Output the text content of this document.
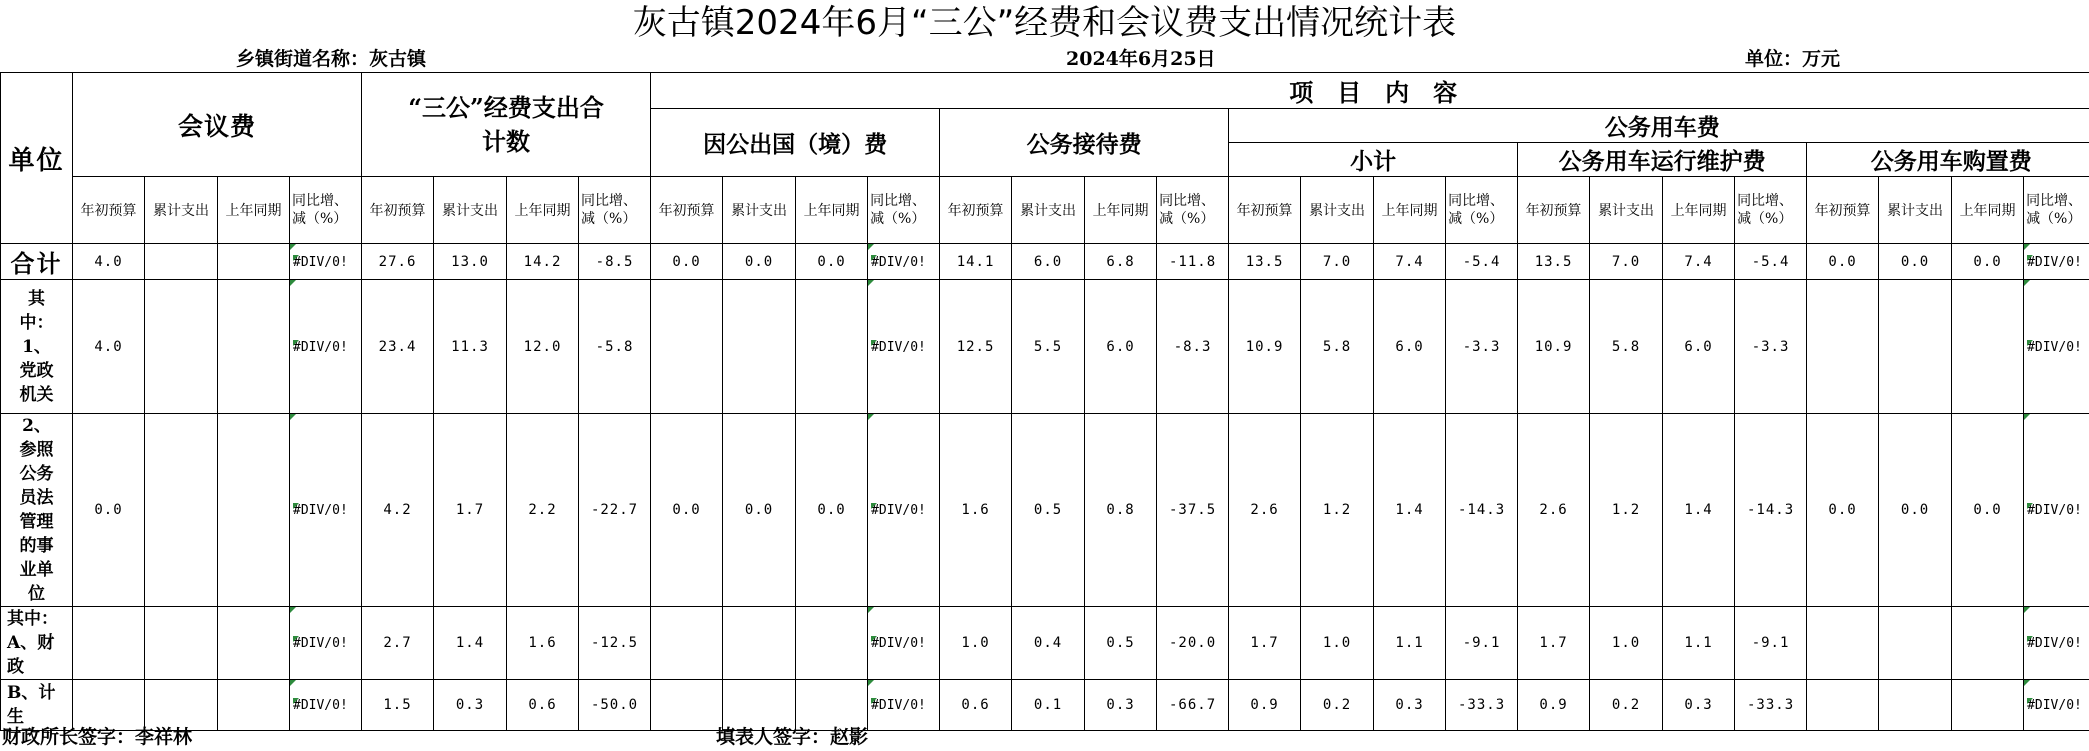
灰古镇2024年6月“三公”经费和会议费支出情况统计表
乡镇街道名称：灰古镇	2024年6月25日	单位：万元
单位	会议费				“三公”经费支出合计数				项　目　内　容																			
									因公出国（境）费				公务接待费				公务用车费											
																	小计				公务用车运行维护费				公务用车购置费			
	年初预算	累计支出	上年同期	同比增、减（%）	年初预算	累计支出	上年同期	同比增、减（%）	年初预算	累计支出	上年同期	同比增、减（%）	年初预算	累计支出	上年同期	同比增、减（%）	年初预算	累计支出	上年同期	同比增、减（%）	年初预算	累计支出	上年同期	同比增、减（%）	年初预算	累计支出	上年同期	同比增、减（%）

合计	4.0			#DIV/0!	27.6	13.0	14.2	-8.5	0.0	0.0	0.0	#DIV/0!	14.1	6.0	6.8	-11.8	13.5	7.0	7.4	-5.4	13.5	7.0	7.4	-5.4	0.0	0.0	0.0	#DIV/0!

其中：1、党政机关	4.0			#DIV/0!	23.4	11.3	12.0	-5.8				#DIV/0!	12.5	5.5	6.0	-8.3	10.9	5.8	6.0	-3.3	10.9	5.8	6.0	-3.3				#DIV/0!

2、参照公务员法管理的事业单位	0.0			#DIV/0!	4.2	1.7	2.2	-22.7	0.0	0.0	0.0	#DIV/0!	1.6	0.5	0.8	-37.5	2.6	1.2	1.4	-14.3	2.6	1.2	1.4	-14.3	0.0	0.0	0.0	#DIV/0!

其中：A、财政				#DIV/0!	2.7	1.4	1.6	-12.5				#DIV/0!	1.0	0.4	0.5	-20.0	1.7	1.0	1.1	-9.1	1.7	1.0	1.1	-9.1				#DIV/0!

B、计生				#DIV/0!	1.5	0.3	0.6	-50.0				#DIV/0!	0.6	0.1	0.3	-66.7	0.9	0.2	0.3	-33.3	0.9	0.2	0.3	-33.3				#DIV/0!
财政所长签字：李祥林	填表人签字：赵影
